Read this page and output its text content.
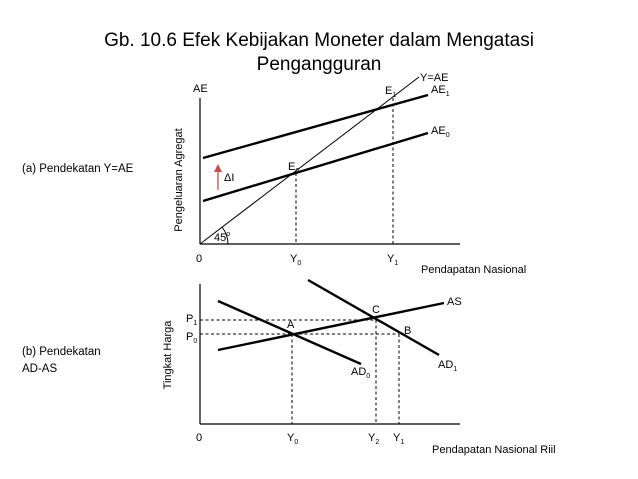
Gb. 10.6 Efek Kebijakan Moneter dalam Mengatasi
Pengangguran
(a) Pendekatan Y=AE
AE
Pengeluaran Agregat
45$^o$
Y=AE
$AE_1$
$AE_0$
$E_1$
$E_0$
ΔI
0	$Y_0$	$Y_1$
Pendapatan Nasional
(b) Pendekatan
AD-AS	Tingkat Harga
AS
$AD_0$
$AD_1$
C
A	B
$P_1$
$P_0$
0	$Y_0$	$Y_2$ $Y_1$
Pendapatan Nasional Riil
